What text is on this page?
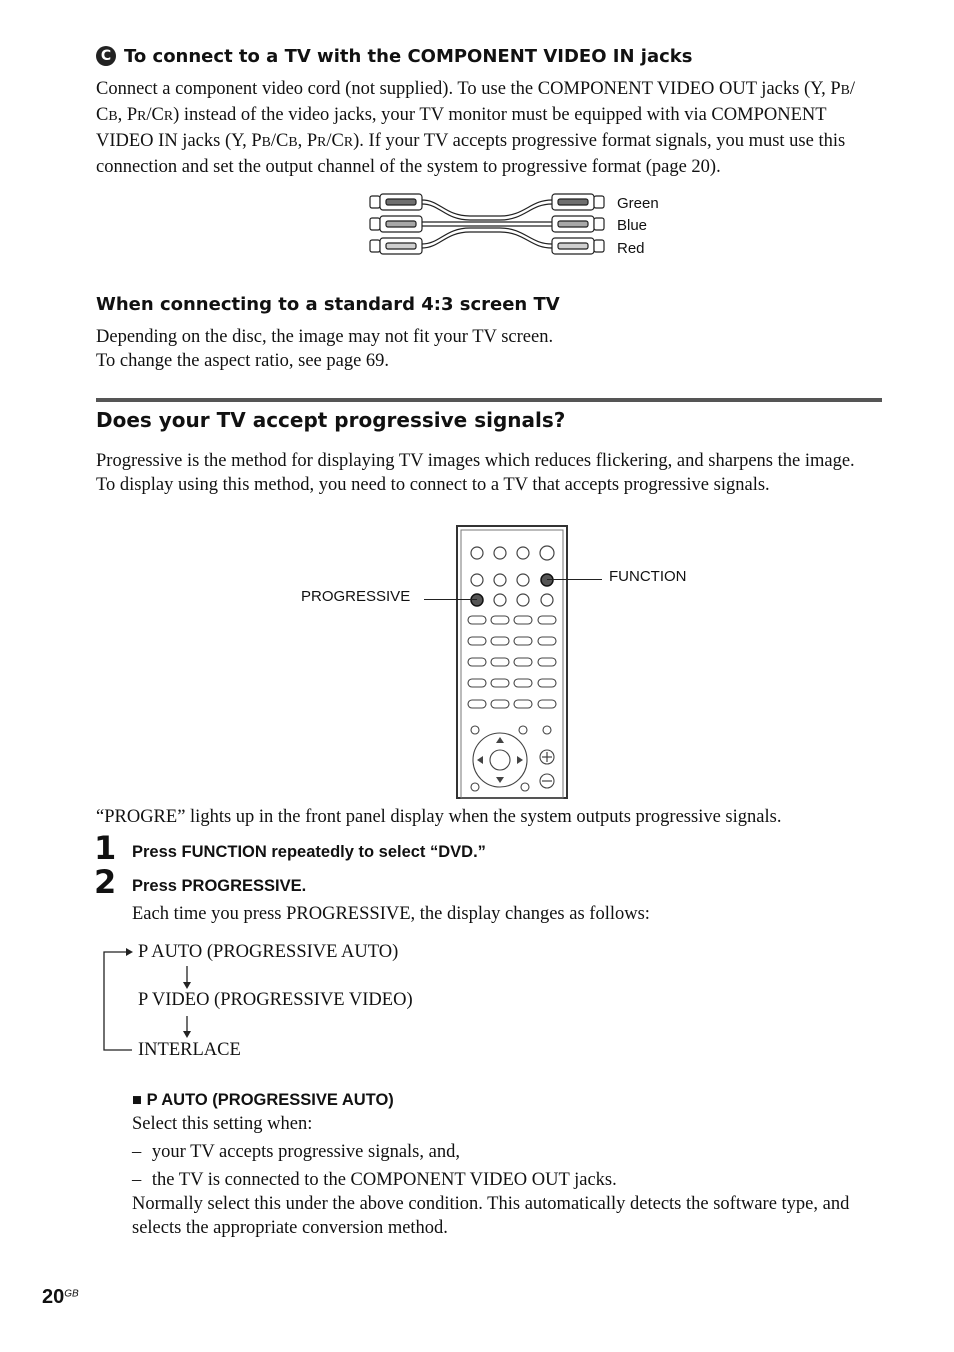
C To connect to a TV with the COMPONENT VIDEO IN jacks
Connect a component video cord (not supplied). To use the COMPONENT VIDEO OUT jacks (Y, PB/
CB, PR/CR) instead of the video jacks, your TV monitor must be equipped with via COMPONENT
VIDEO IN jacks (Y, PB/CB, PR/CR). If your TV accepts progressive format signals, you must use this
connection and set the output channel of the system to progressive format (page 20).
Green
Blue
Red
When connecting to a standard 4:3 screen TV
Depending on the disc, the image may not fit your TV screen.
To change the aspect ratio, see page 69.
Does your TV accept progressive signals?
Progressive is the method for displaying TV images which reduces flickering, and sharpens the image.
To display using this method, you need to connect to a TV that accepts progressive signals.
PROGRESSIVE
FUNCTION
“PROGRE” lights up in the front panel display when the system outputs progressive signals.
1 Press FUNCTION repeatedly to select “DVD.”
2 Press PROGRESSIVE.
Each time you press PROGRESSIVE, the display changes as follows:
P AUTO (PROGRESSIVE AUTO)
P VIDEO (PROGRESSIVE VIDEO)
INTERLACE
■ P AUTO (PROGRESSIVE AUTO)
Select this setting when:
– your TV accepts progressive signals, and,
– the TV is connected to the COMPONENT VIDEO OUT jacks.
Normally select this under the above condition. This automatically detects the software type, and
selects the appropriate conversion method.
$20^{GB}$
